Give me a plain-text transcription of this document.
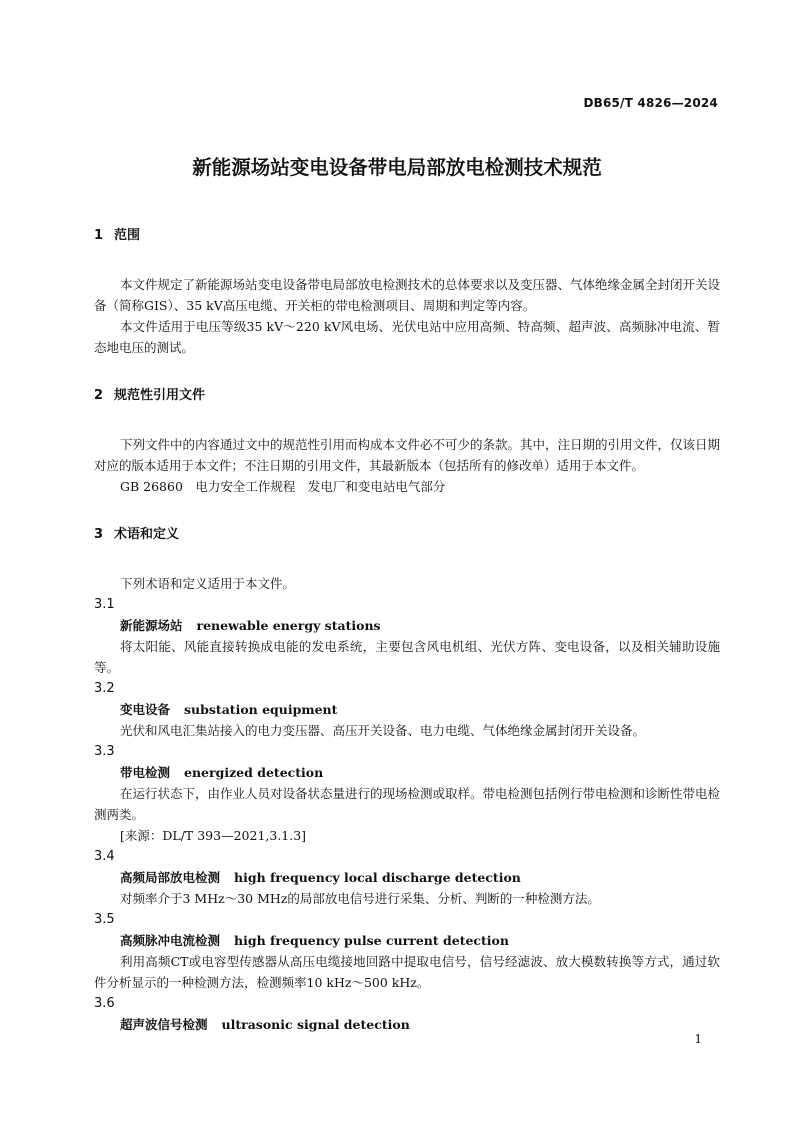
DB65/T 4826—2024
新能源场站变电设备带电局部放电检测技术规范
1 范围

本文件规定了新能源场站变电设备带电局部放电检测技术的总体要求以及变压器、气体绝缘金属全封闭开关设备（简称GIS）、35 kV高压电缆、开关柜的带电检测项目、周期和判定等内容。

本文件适用于电压等级35 kV～220 kV风电场、光伏电站中应用高频、特高频、超声波、高频脉冲电流、暂态地电压的测试。

2 规范性引用文件

下列文件中的内容通过文中的规范性引用而构成本文件必不可少的条款。其中，注日期的引用文件，仅该日期对应的版本适用于本文件；不注日期的引用文件，其最新版本（包括所有的修改单）适用于本文件。

GB 26860　电力安全工作规程　发电厂和变电站电气部分

3 术语和定义

下列术语和定义适用于本文件。

3.1

新能源场站 renewable energy stations

将太阳能、风能直接转换成电能的发电系统，主要包含风电机组、光伏方阵、变电设备，以及相关辅助设施等。

3.2

变电设备 substation equipment

光伏和风电汇集站接入的电力变压器、高压开关设备、电力电缆、气体绝缘金属封闭开关设备。

3.3

带电检测 energized detection

在运行状态下，由作业人员对设备状态量进行的现场检测或取样。带电检测包括例行带电检测和诊断性带电检测两类。

[来源：DL/T 393—2021,3.1.3]

3.4

高频局部放电检测 high frequency local discharge detection

对频率介于3 MHz～30 MHz的局部放电信号进行采集、分析、判断的一种检测方法。

3.5

高频脉冲电流检测 high frequency pulse current detection

利用高频CT或电容型传感器从高压电缆接地回路中提取电信号，信号经滤波、放大模数转换等方式，通过软件分析显示的一种检测方法，检测频率10 kHz～500 kHz。

3.6

超声波信号检测 ultrasonic signal detection

1
